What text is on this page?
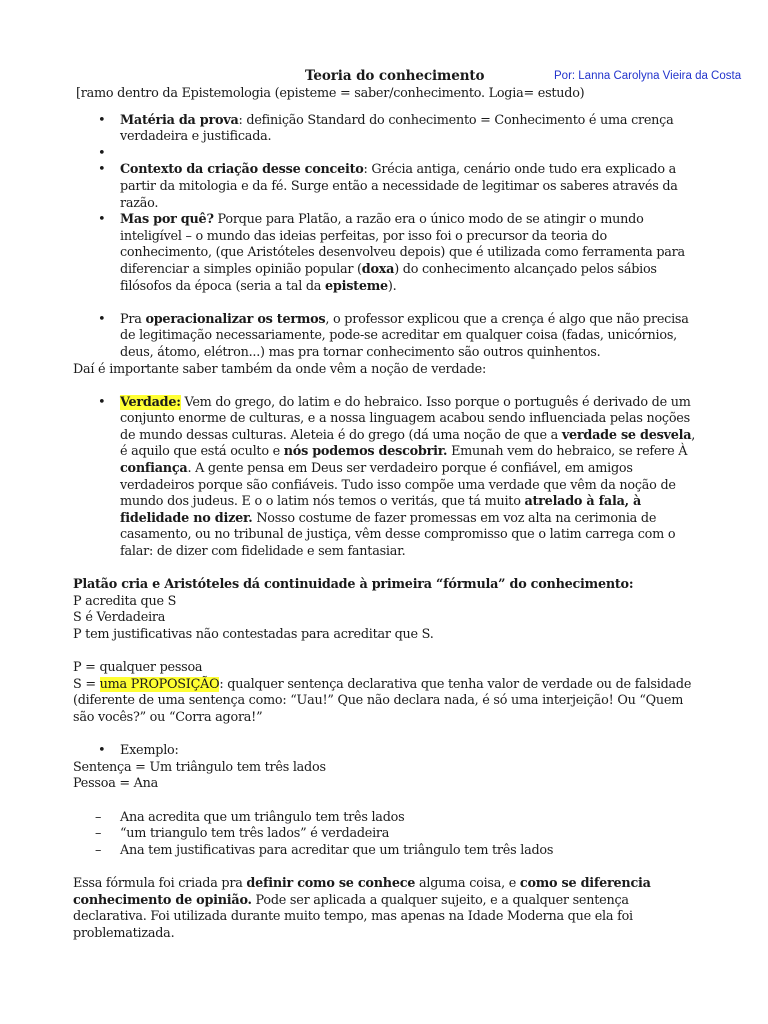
Teoria do conhecimento	Por: Lanna Carolyna Vieira da Costa

[ramo dentro da Epistemologia (episteme = saber/conhecimento. Logia= estudo)

• Matéria da prova: definição Standard do conhecimento = Conhecimento é uma crença verdadeira e justificada.
•
• Contexto da criação desse conceito: Grécia antiga, cenário onde tudo era explicado a partir da mitologia e da fé. Surge então a necessidade de legitimar os saberes através da razão.
• Mas por quê? Porque para Platão, a razão era o único modo de se atingir o mundo inteligível – o mundo das ideias perfeitas, por isso foi o precursor da teoria do conhecimento, (que Aristóteles desenvolveu depois) que é utilizada como ferramenta para diferenciar a simples opinião popular (doxa) do conhecimento alcançado pelos sábios filósofos da época (seria a tal da episteme).
• Pra operacionalizar os termos, o professor explicou que a crença é algo que não precisa de legitimação necessariamente, pode-se acreditar em qualquer coisa (fadas, unicórnios, deus, átomo, elétron...) mas pra tornar conhecimento são outros quinhentos.

Daí é importante saber também da onde vêm a noção de verdade:

• Verdade: Vem do grego, do latim e do hebraico. Isso porque o português é derivado de um conjunto enorme de culturas, e a nossa linguagem acabou sendo influenciada pelas noções de mundo dessas culturas. Aleteia é do grego (dá uma noção de que a verdade se desvela, é aquilo que está oculto e nós podemos descobrir. Emunah vem do hebraico, se refere À confiança. A gente pensa em Deus ser verdadeiro porque é confiável, em amigos verdadeiros porque são confiáveis. Tudo isso compõe uma verdade que vêm da noção de mundo dos judeus. E o o latim nós temos o veritás, que tá muito atrelado à fala, à fidelidade no dizer. Nosso costume de fazer promessas em voz alta na cerimonia de casamento, ou no tribunal de justiça, vêm desse compromisso que o latim carrega com o falar: de dizer com fidelidade e sem fantasiar.

Platão cria e Aristóteles dá continuidade à primeira “fórmula” do conhecimento:

P acredita que S

S é Verdadeira

P tem justificativas não contestadas para acreditar que S.

P = qualquer pessoa

S = uma PROPOSIÇÃO: qualquer sentença declarativa que tenha valor de verdade ou de falsidade (diferente de uma sentença como: “Uau!” Que não declara nada, é só uma interjeição! Ou “Quem são vocês?” ou “Corra agora!”

• Exemplo:

Sentença = Um triângulo tem três lados

Pessoa = Ana

– Ana acredita que um triângulo tem três lados
– “um triangulo tem três lados” é verdadeira
– Ana tem justificativas para acreditar que um triângulo tem três lados

Essa fórmula foi criada pra definir como se conhece alguma coisa, e como se diferencia conhecimento de opinião. Pode ser aplicada a qualquer sujeito, e a qualquer sentença declarativa. Foi utilizada durante muito tempo, mas apenas na Idade Moderna que ela foi problematizada.
